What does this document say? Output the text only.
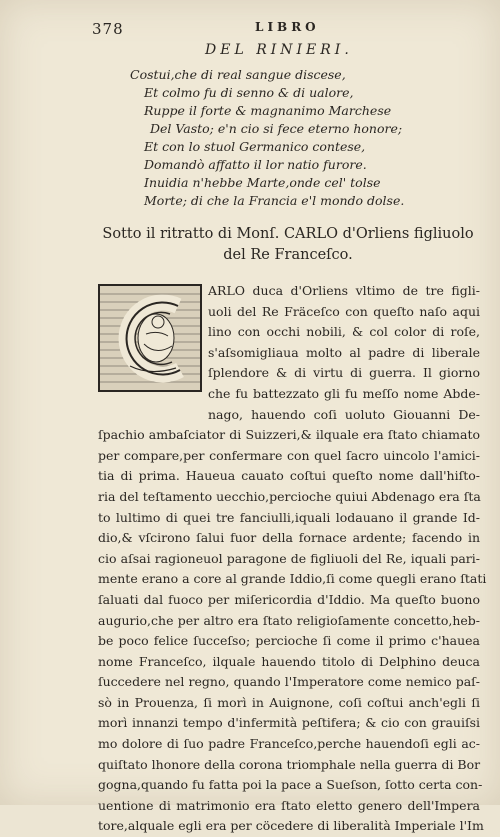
378	LIBRO
DEL RINIERI.
Costui,che di real sangue discese,
Et colmo fu di senno & di ualore,
Ruppe il forte & magnanimo Marchese
Del Vasto; e'n cio si fece eterno honore;
Et con lo stuol Germanico contese,
Domandò affatto il lor natio furore.
Inuidia n'hebbe Marte,onde cel' tolse
Morte; di che la Francia e'l mondo dolse.
Sotto il ritratto di Monſ. CARLO d'Orliens figliuolo
del Re Franceſco.
ARLO duca d'Orliens vltimo de tre figli-
uoli del Re Fräceſco con queſto naſo aqui
lino con occhi nobili, & col color di roſe,
s'aſsomigliaua molto al padre di liberale
ſplendore & di virtu di guerra. Il giorno
che fu battezzato gli fu meſſo nome Abde-
nago, hauendo coſi uoluto Giouanni De-
ſpachio ambaſciator di Suizzeri,& ilquale era ſtato chiamato
per compare,per confermare con quel ſacro uincolo l'amici-
tia di prima. Haueua cauato coſtui queſto nome dall'hiſto-
ria del teſtamento uecchio,percioche quiui Abdenago era ſta
to lultimo di quei tre fanciulli,iquali lodauano il grande Id-
dio,& vſcirono ſalui fuor della fornace ardente; facendo in
cio aſsai ragioneuol paragone de figliuoli del Re, iquali pari-
mente erano a core al grande Iddio,ſi come quegli erano ſtati
ſaluati dal fuoco per miſericordia d'Iddio. Ma queſto buono
augurio,che per altro era ſtato religioſamente concetto,heb-
be poco felice ſucceſso; percioche ſi come il primo c'hauea
nome Franceſco, ilquale hauendo titolo di Delphino deuca
ſuccedere nel regno, quando l'Imperatore come nemico paſ-
sò in Prouenza, ſi morì in Auignone, coſi coſtui anch'egli ſi
morì innanzi tempo d'infermità peſtifera; & cio con grauiſsi
mo dolore di ſuo padre Franceſco,perche hauendoſi egli ac-
quiſtato lhonore della corona triomphale nella guerra di Bor
gogna,quando fu fatta poi la pace a Sueſson, ſotto certa con-
uentione di matrimonio era ſtato eletto genero dell'Impera
tore,alquale egli era per cöcedere di liberalità Imperiale l'Im
